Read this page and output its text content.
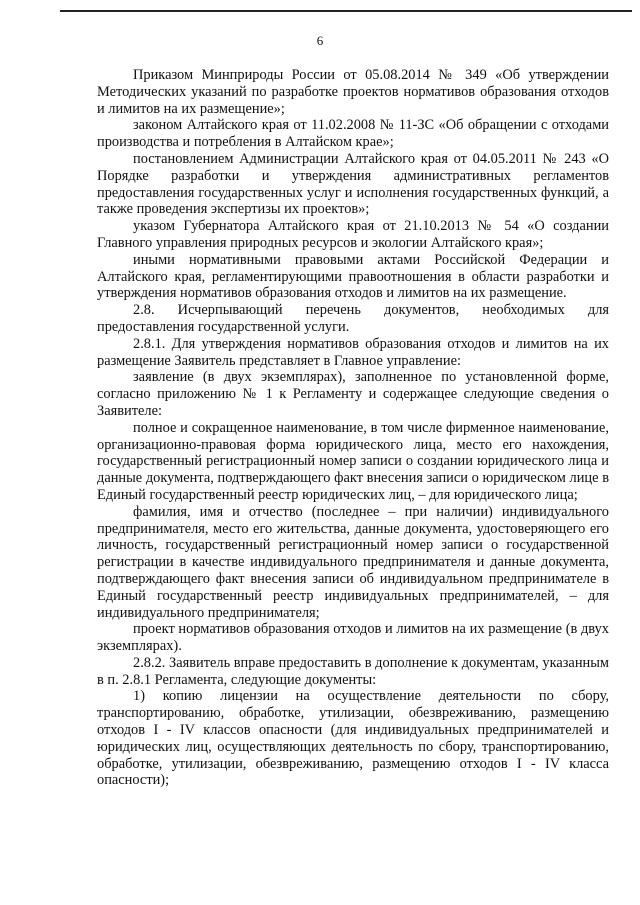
6

Приказом Минприроды России от 05.08.2014 № 349 «Об утверждении Методических указаний по разработке проектов нормативов образования отходов и лимитов на их размещение»;

законом Алтайского края от 11.02.2008 № 11-ЗС «Об обращении с отходами производства и потребления в Алтайском крае»;

постановлением Администрации Алтайского края от 04.05.2011 № 243 «О Порядке разработки и утверждения административных регламентов предоставления государственных услуг и исполнения государственных функций, а также проведения экспертизы их проектов»;

указом Губернатора Алтайского края от 21.10.2013 № 54 «О создании Главного управления природных ресурсов и экологии Алтайского края»;

иными нормативными правовыми актами Российской Федерации и Алтайского края, регламентирующими правоотношения в области разработки и утверждения нормативов образования отходов и лимитов на их размещение.

2.8. Исчерпывающий перечень документов, необходимых для предоставления государственной услуги.

2.8.1. Для утверждения нормативов образования отходов и лимитов на их размещение Заявитель представляет в Главное управление:

заявление (в двух экземплярах), заполненное по установленной форме, согласно приложению № 1 к Регламенту и содержащее следующие сведения о Заявителе:

полное и сокращенное наименование, в том числе фирменное наименование, организационно-правовая форма юридического лица, место его нахождения, государственный регистрационный номер записи о создании юридического лица и данные документа, подтверждающего факт внесения записи о юридическом лице в Единый государственный реестр юридических лиц, – для юридического лица;

фамилия, имя и отчество (последнее – при наличии) индивидуального предпринимателя, место его жительства, данные документа, удостоверяющего его личность, государственный регистрационный номер записи о государственной регистрации в качестве индивидуального предпринимателя и данные документа, подтверждающего факт внесения записи об индивидуальном предпринимателе в Единый государственный реестр индивидуальных предпринимателей, – для индивидуального предпринимателя;

проект нормативов образования отходов и лимитов на их размещение (в двух экземплярах).

2.8.2. Заявитель вправе предоставить в дополнение к документам, указанным в п. 2.8.1 Регламента, следующие документы:

1) копию лицензии на осуществление деятельности по сбору, транспортированию, обработке, утилизации, обезвреживанию, размещению отходов I - IV классов опасности (для индивидуальных предпринимателей и юридических лиц, осуществляющих деятельность по сбору, транспортированию, обработке, утилизации, обезвреживанию, размещению отходов I - IV класса опасности);
